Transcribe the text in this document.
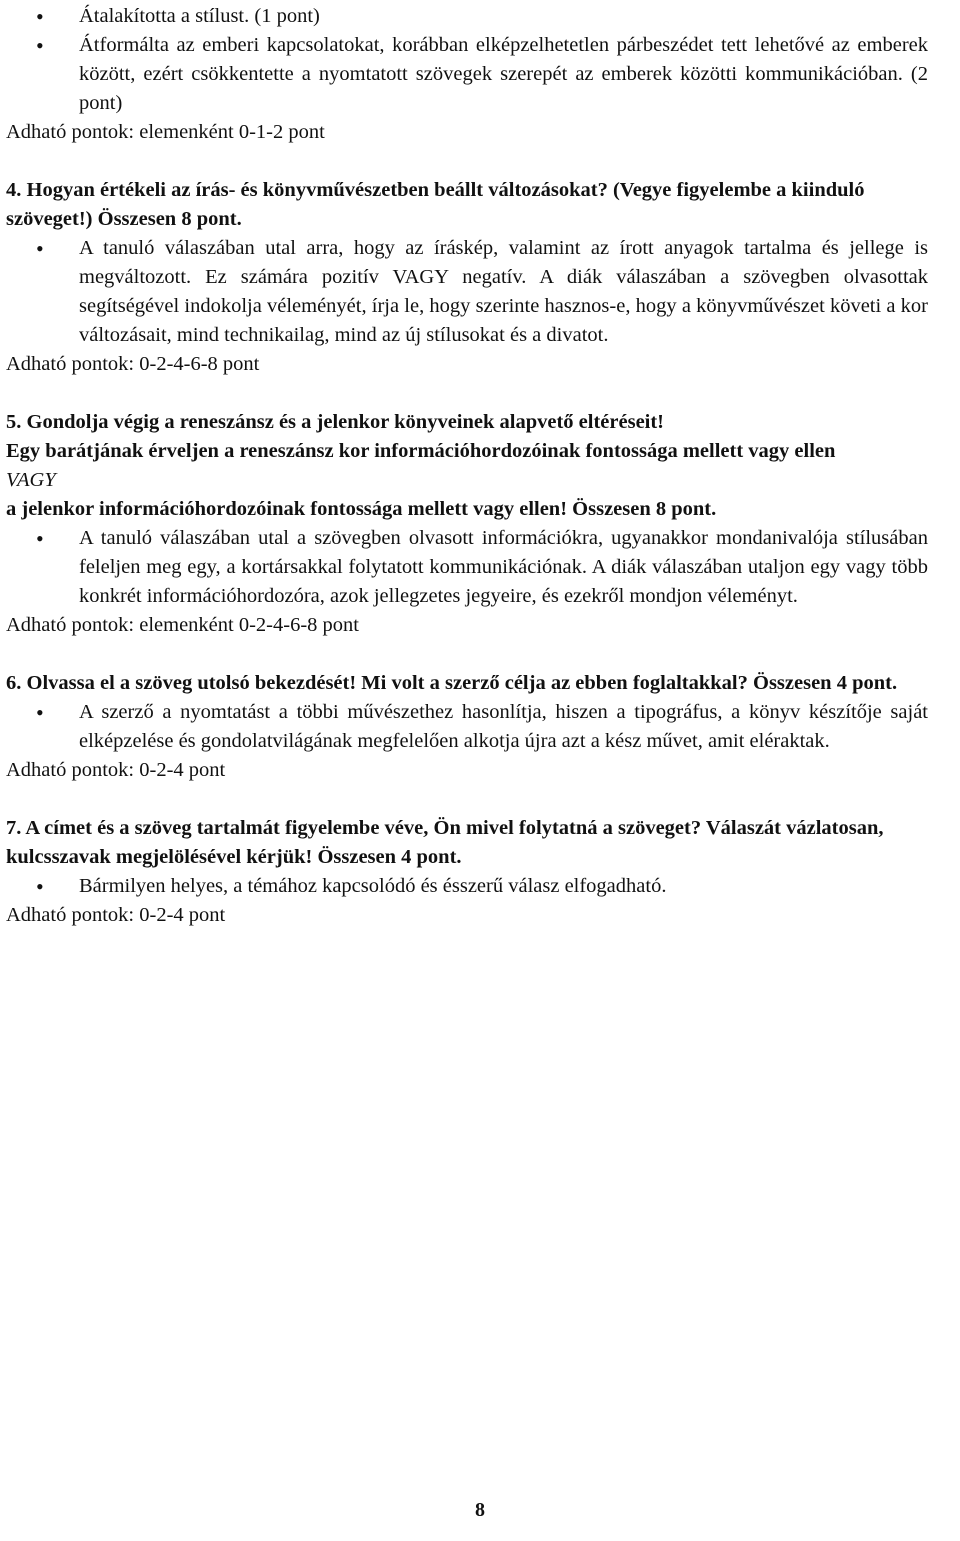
• Átalakította a stílust. (1 pont)
• Átformálta az emberi kapcsolatokat, korábban elképzelhetetlen párbeszédet tett lehetővé az emberek között, ezért csökkentette a nyomtatott szövegek szerepét az emberek közötti kommunikációban. (2 pont)

Adható pontok: elemenként 0-1-2 pont

4. Hogyan értékeli az írás- és könyvművészetben beállt változásokat? (Vegye figyelembe a kiinduló szöveget!) Összesen 8 pont.

• A tanuló válaszában utal arra, hogy az íráskép, valamint az írott anyagok tartalma és jellege is megváltozott. Ez számára pozitív VAGY negatív. A diák válaszában a szövegben olvasottak segítségével indokolja véleményét, írja le, hogy szerinte hasznos-e, hogy a könyvművészet követi a kor változásait, mind technikailag, mind az új stílusokat és a divatot.

Adható pontok: 0-2-4-6-8 pont

5. Gondolja végig a reneszánsz és a jelenkor könyveinek alapvető eltéréseit!
Egy barátjának érveljen a reneszánsz kor információhordozóinak fontossága mellett vagy ellen
VAGY
a jelenkor információhordozóinak fontossága mellett vagy ellen! Összesen 8 pont.

• A tanuló válaszában utal a szövegben olvasott információkra, ugyanakkor mondanivalója stílusában feleljen meg egy, a kortársakkal folytatott kommunikációnak. A diák válaszában utaljon egy vagy több konkrét információhordozóra, azok jellegzetes jegyeire, és ezekről mondjon véleményt.

Adható pontok: elemenként 0-2-4-6-8 pont

6. Olvassa el a szöveg utolsó bekezdését! Mi volt a szerző célja az ebben foglaltakkal? Összesen 4 pont.

• A szerző a nyomtatást a többi művészethez hasonlítja, hiszen a tipográfus, a könyv készítője saját elképzelése és gondolatvilágának megfelelően alkotja újra azt a kész művet, amit eléraktak.

Adható pontok: 0-2-4 pont

7. A címet és a szöveg tartalmát figyelembe véve, Ön mivel folytatná a szöveget? Válaszát vázlatosan, kulcsszavak megjelölésével kérjük! Összesen 4 pont.

• Bármilyen helyes, a témához kapcsolódó és ésszerű válasz elfogadható.

Adható pontok: 0-2-4 pont

8
